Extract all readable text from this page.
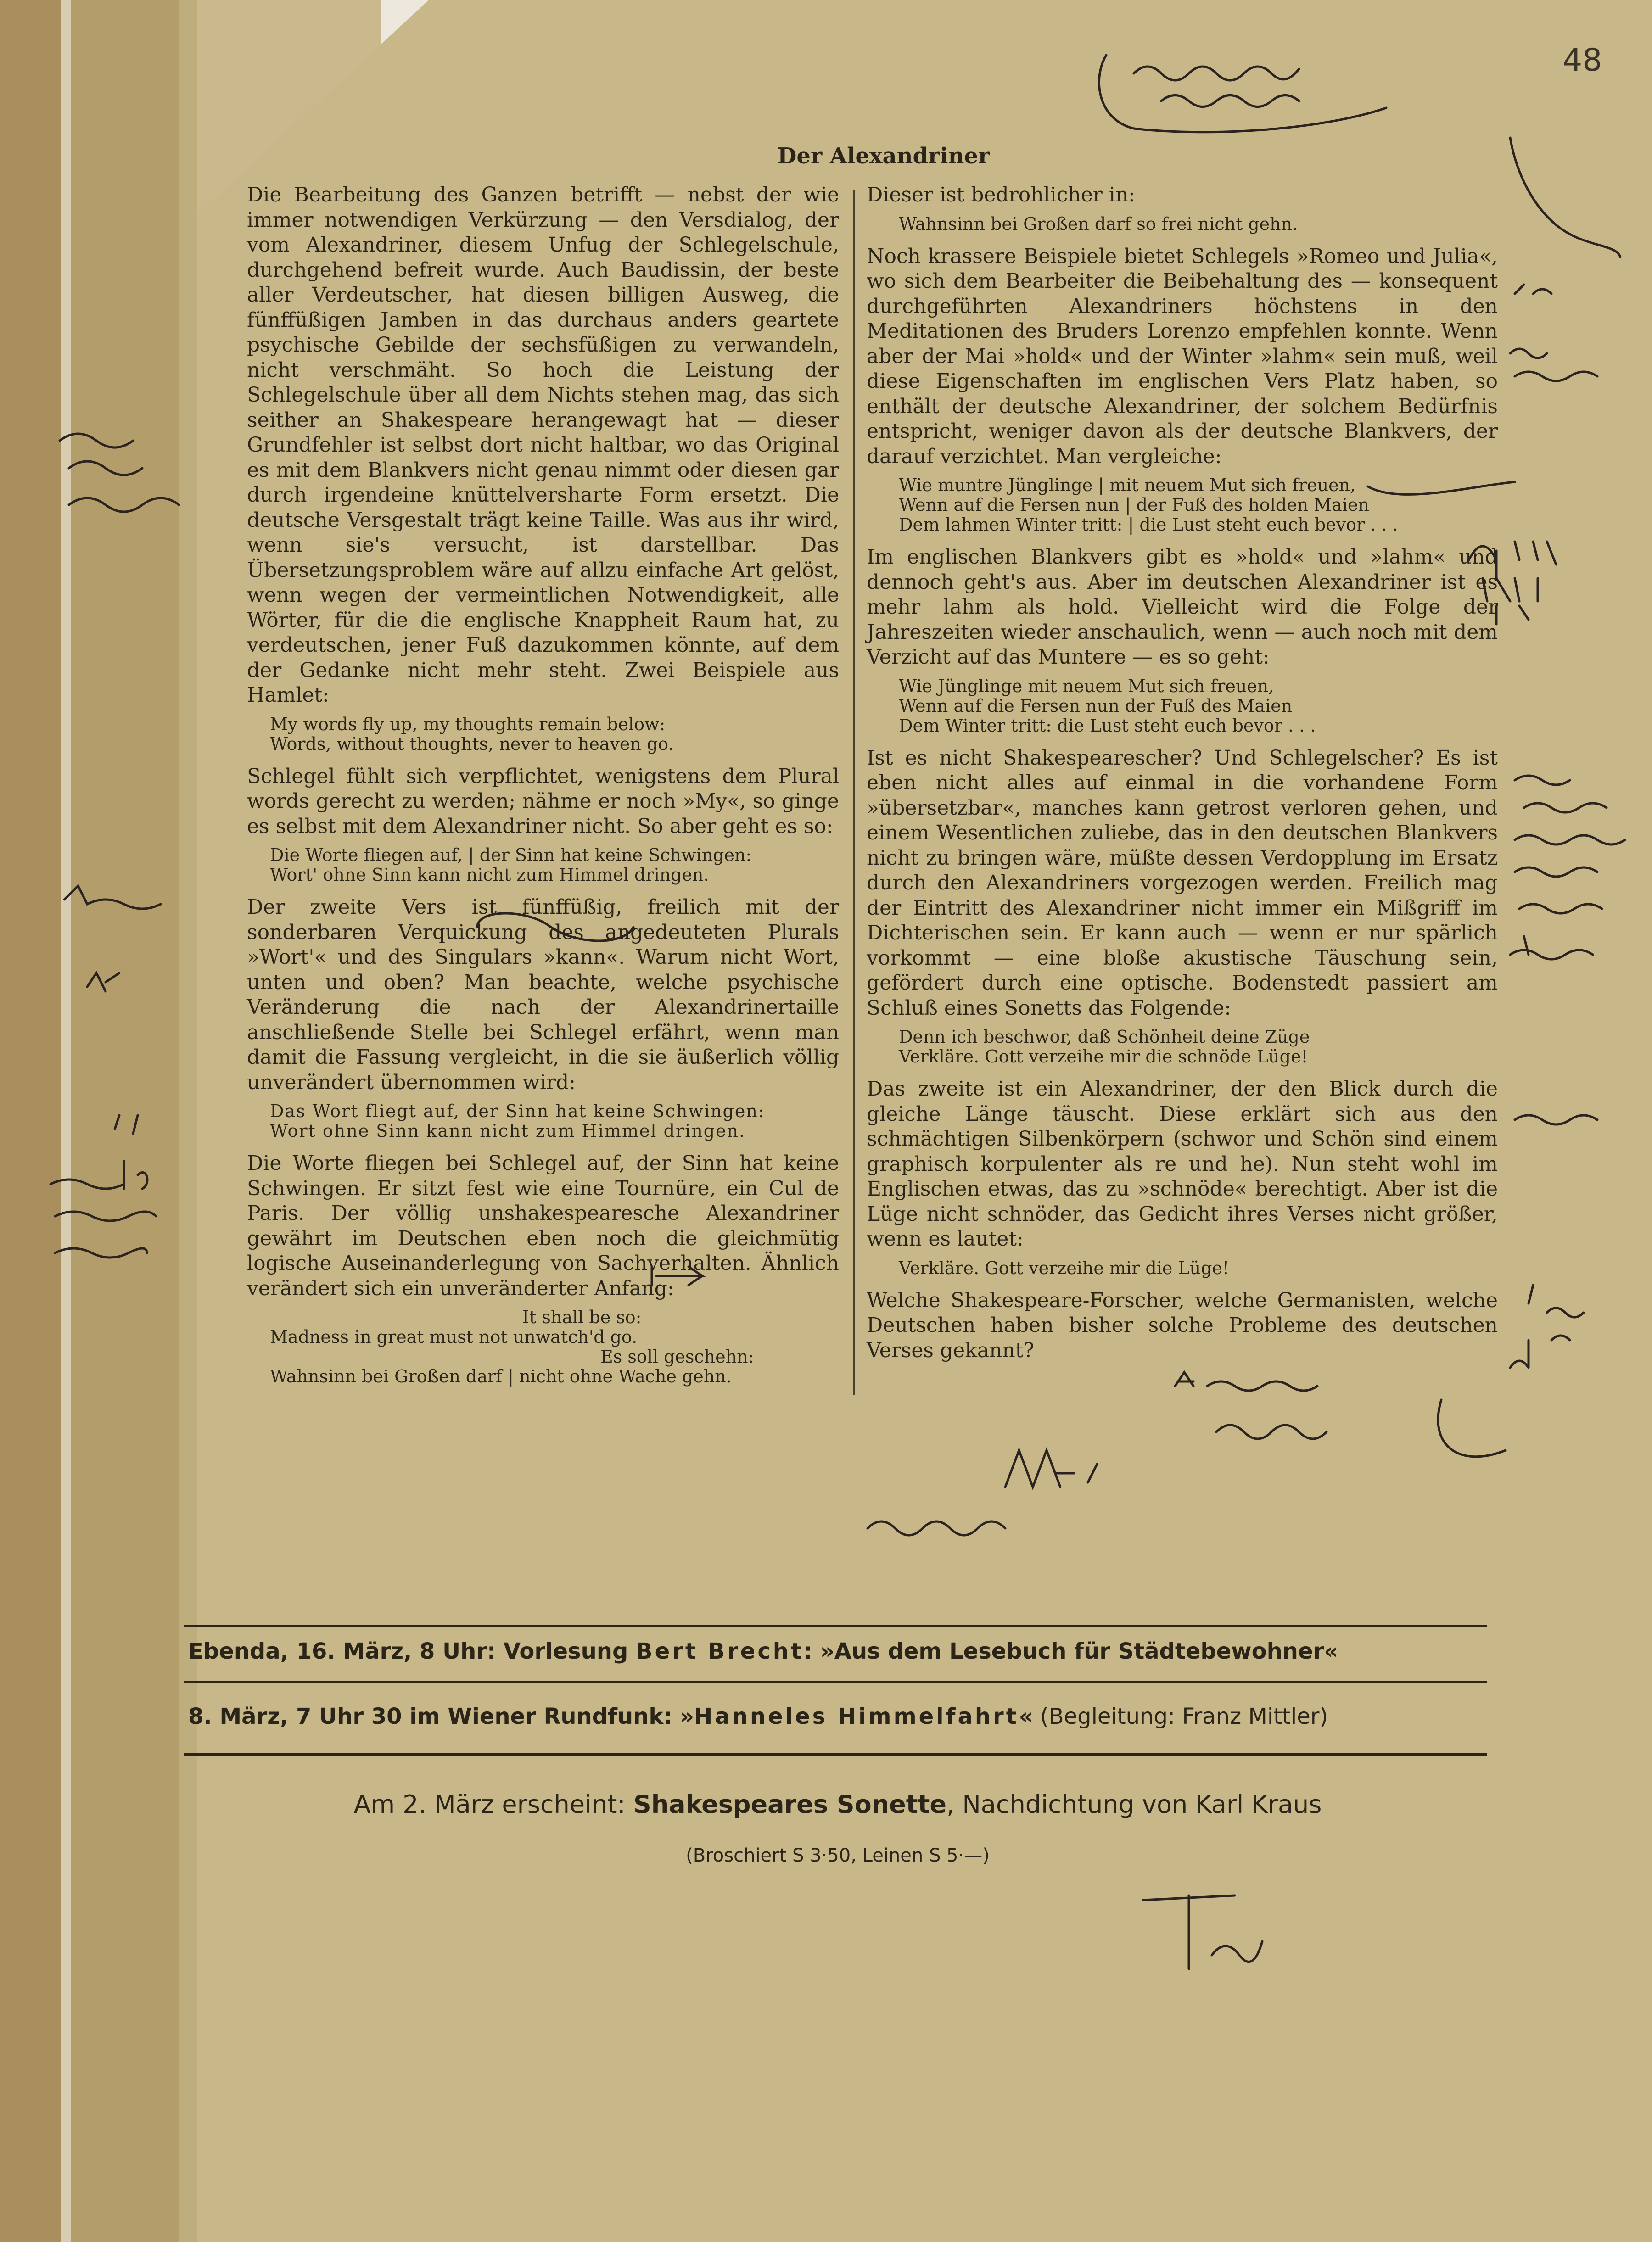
48
Der Alexandriner

Die Bearbeitung des Ganzen betrifft — nebst der wie immer notwendigen Verkürzung — den Versdialog, der vom Alexandriner, diesem Unfug der Schlegelschule, durchgehend befreit wurde. Auch Baudissin, der beste aller Verdeutscher, hat diesen billigen Ausweg, die fünffüßigen Jamben in das durchaus anders geartete psychische Gebilde der sechsfüßigen zu verwandeln, nicht verschmäht. So hoch die Leistung der Schlegelschule über all dem Nichts stehen mag, das sich seither an Shakespeare herangewagt hat — dieser Grundfehler ist selbst dort nicht haltbar, wo das Original es mit dem Blankvers nicht genau nimmt oder diesen gar durch irgendeine knüttelversharte Form ersetzt. Die deutsche Versgestalt trägt keine Taille. Was aus ihr wird, wenn sie's versucht, ist darstellbar. Das Übersetzungsproblem wäre auf allzu einfache Art gelöst, wenn wegen der vermeintlichen Notwendigkeit, alle Wörter, für die die englische Knappheit Raum hat, zu verdeutschen, jener Fuß dazukommen könnte, auf dem der Gedanke nicht mehr steht. Zwei Beispiele aus Hamlet:

My words fly up, my thoughts remain below:
Words, without thoughts, never to heaven go.

Schlegel fühlt sich verpflichtet, wenigstens dem Plural words gerecht zu werden; nähme er noch »My«, so ginge es selbst mit dem Alexandriner nicht. So aber geht es so:

Die Worte fliegen auf, | der Sinn hat keine Schwingen:
Wort' ohne Sinn kann nicht zum Himmel dringen.

Der zweite Vers ist fünffüßig, freilich mit der sonderbaren Verquickung des angedeuteten Plurals »Wort'« und des Singulars »kann«. Warum nicht Wort, unten und oben? Man beachte, welche psychische Veränderung die nach der Alexandrinertaille anschließende Stelle bei Schlegel erfährt, wenn man damit die Fassung vergleicht, in die sie äußerlich völlig unverändert übernommen wird:

Das Wort fliegt auf, der Sinn hat keine Schwingen:
Wort ohne Sinn kann nicht zum Himmel dringen.

Die Worte fliegen bei Schlegel auf, der Sinn hat keine Schwingen. Er sitzt fest wie eine Tournüre, ein Cul de Paris. Der völlig unshakespearesche Alexandriner gewährt im Deutschen eben noch die gleichmütig logische Auseinanderlegung von Sachverhalten. Ähnlich verändert sich ein unveränderter Anfang:

It shall be so:
Madness in great must not unwatch'd go.
Es soll geschehn:
Wahnsinn bei Großen darf | nicht ohne Wache gehn.

Dieser ist bedrohlicher in:

Wahnsinn bei Großen darf so frei nicht gehn.

Noch krassere Beispiele bietet Schlegels »Romeo und Julia«, wo sich dem Bearbeiter die Beibehaltung des — konsequent durchgeführten Alexandriners höchstens in den Meditationen des Bruders Lorenzo empfehlen konnte. Wenn aber der Mai »hold« und der Winter »lahm« sein muß, weil diese Eigenschaften im englischen Vers Platz haben, so enthält der deutsche Alexandriner, der solchem Bedürfnis entspricht, weniger davon als der deutsche Blankvers, der darauf verzichtet. Man vergleiche:

Wie muntre Jünglinge | mit neuem Mut sich freuen,
Wenn auf die Fersen nun | der Fuß des holden Maien
Dem lahmen Winter tritt: | die Lust steht euch bevor . . .

Im englischen Blankvers gibt es »hold« und »lahm« und dennoch geht's aus. Aber im deutschen Alexandriner ist es mehr lahm als hold. Vielleicht wird die Folge der Jahreszeiten wieder anschaulich, wenn — auch noch mit dem Verzicht auf das Muntere — es so geht:

Wie Jünglinge mit neuem Mut sich freuen,
Wenn auf die Fersen nun der Fuß des Maien
Dem Winter tritt: die Lust steht euch bevor . . .

Ist es nicht Shakespearescher? Und Schlegelscher? Es ist eben nicht alles auf einmal in die vorhandene Form »übersetzbar«, manches kann getrost verloren gehen, und einem Wesentlichen zuliebe, das in den deutschen Blankvers nicht zu bringen wäre, müßte dessen Verdopplung im Ersatz durch den Alexandriners vorgezogen werden. Freilich mag der Eintritt des Alexandriner nicht immer ein Mißgriff im Dichterischen sein. Er kann auch — wenn er nur spärlich vorkommt — eine bloße akustische Täuschung sein, gefördert durch eine optische. Bodenstedt passiert am Schluß eines Sonetts das Folgende:

Denn ich beschwor, daß Schönheit deine Züge
Verkläre. Gott verzeihe mir die schnöde Lüge!

Das zweite ist ein Alexandriner, der den Blick durch die gleiche Länge täuscht. Diese erklärt sich aus den schmächtigen Silbenkörpern (schwor und Schön sind einem graphisch korpulenter als re und he). Nun steht wohl im Englischen etwas, das zu »schnöde« berechtigt. Aber ist die Lüge nicht schnöder, das Gedicht ihres Verses nicht größer, wenn es lautet:

Verkläre. Gott verzeihe mir die Lüge!

Welche Shakespeare-Forscher, welche Germanisten, welche Deutschen haben bisher solche Probleme des deutschen Verses gekannt?

Ebenda, 16. März, 8 Uhr: Vorlesung Bert Brecht: »Aus dem Lesebuch für Städtebewohner«
8. März, 7 Uhr 30 im Wiener Rundfunk: »Hanneles Himmelfahrt« (Begleitung: Franz Mittler)
Am 2. März erscheint: Shakespeares Sonette, Nachdichtung von Karl Kraus
(Broschiert S 3·50, Leinen S 5·—)
